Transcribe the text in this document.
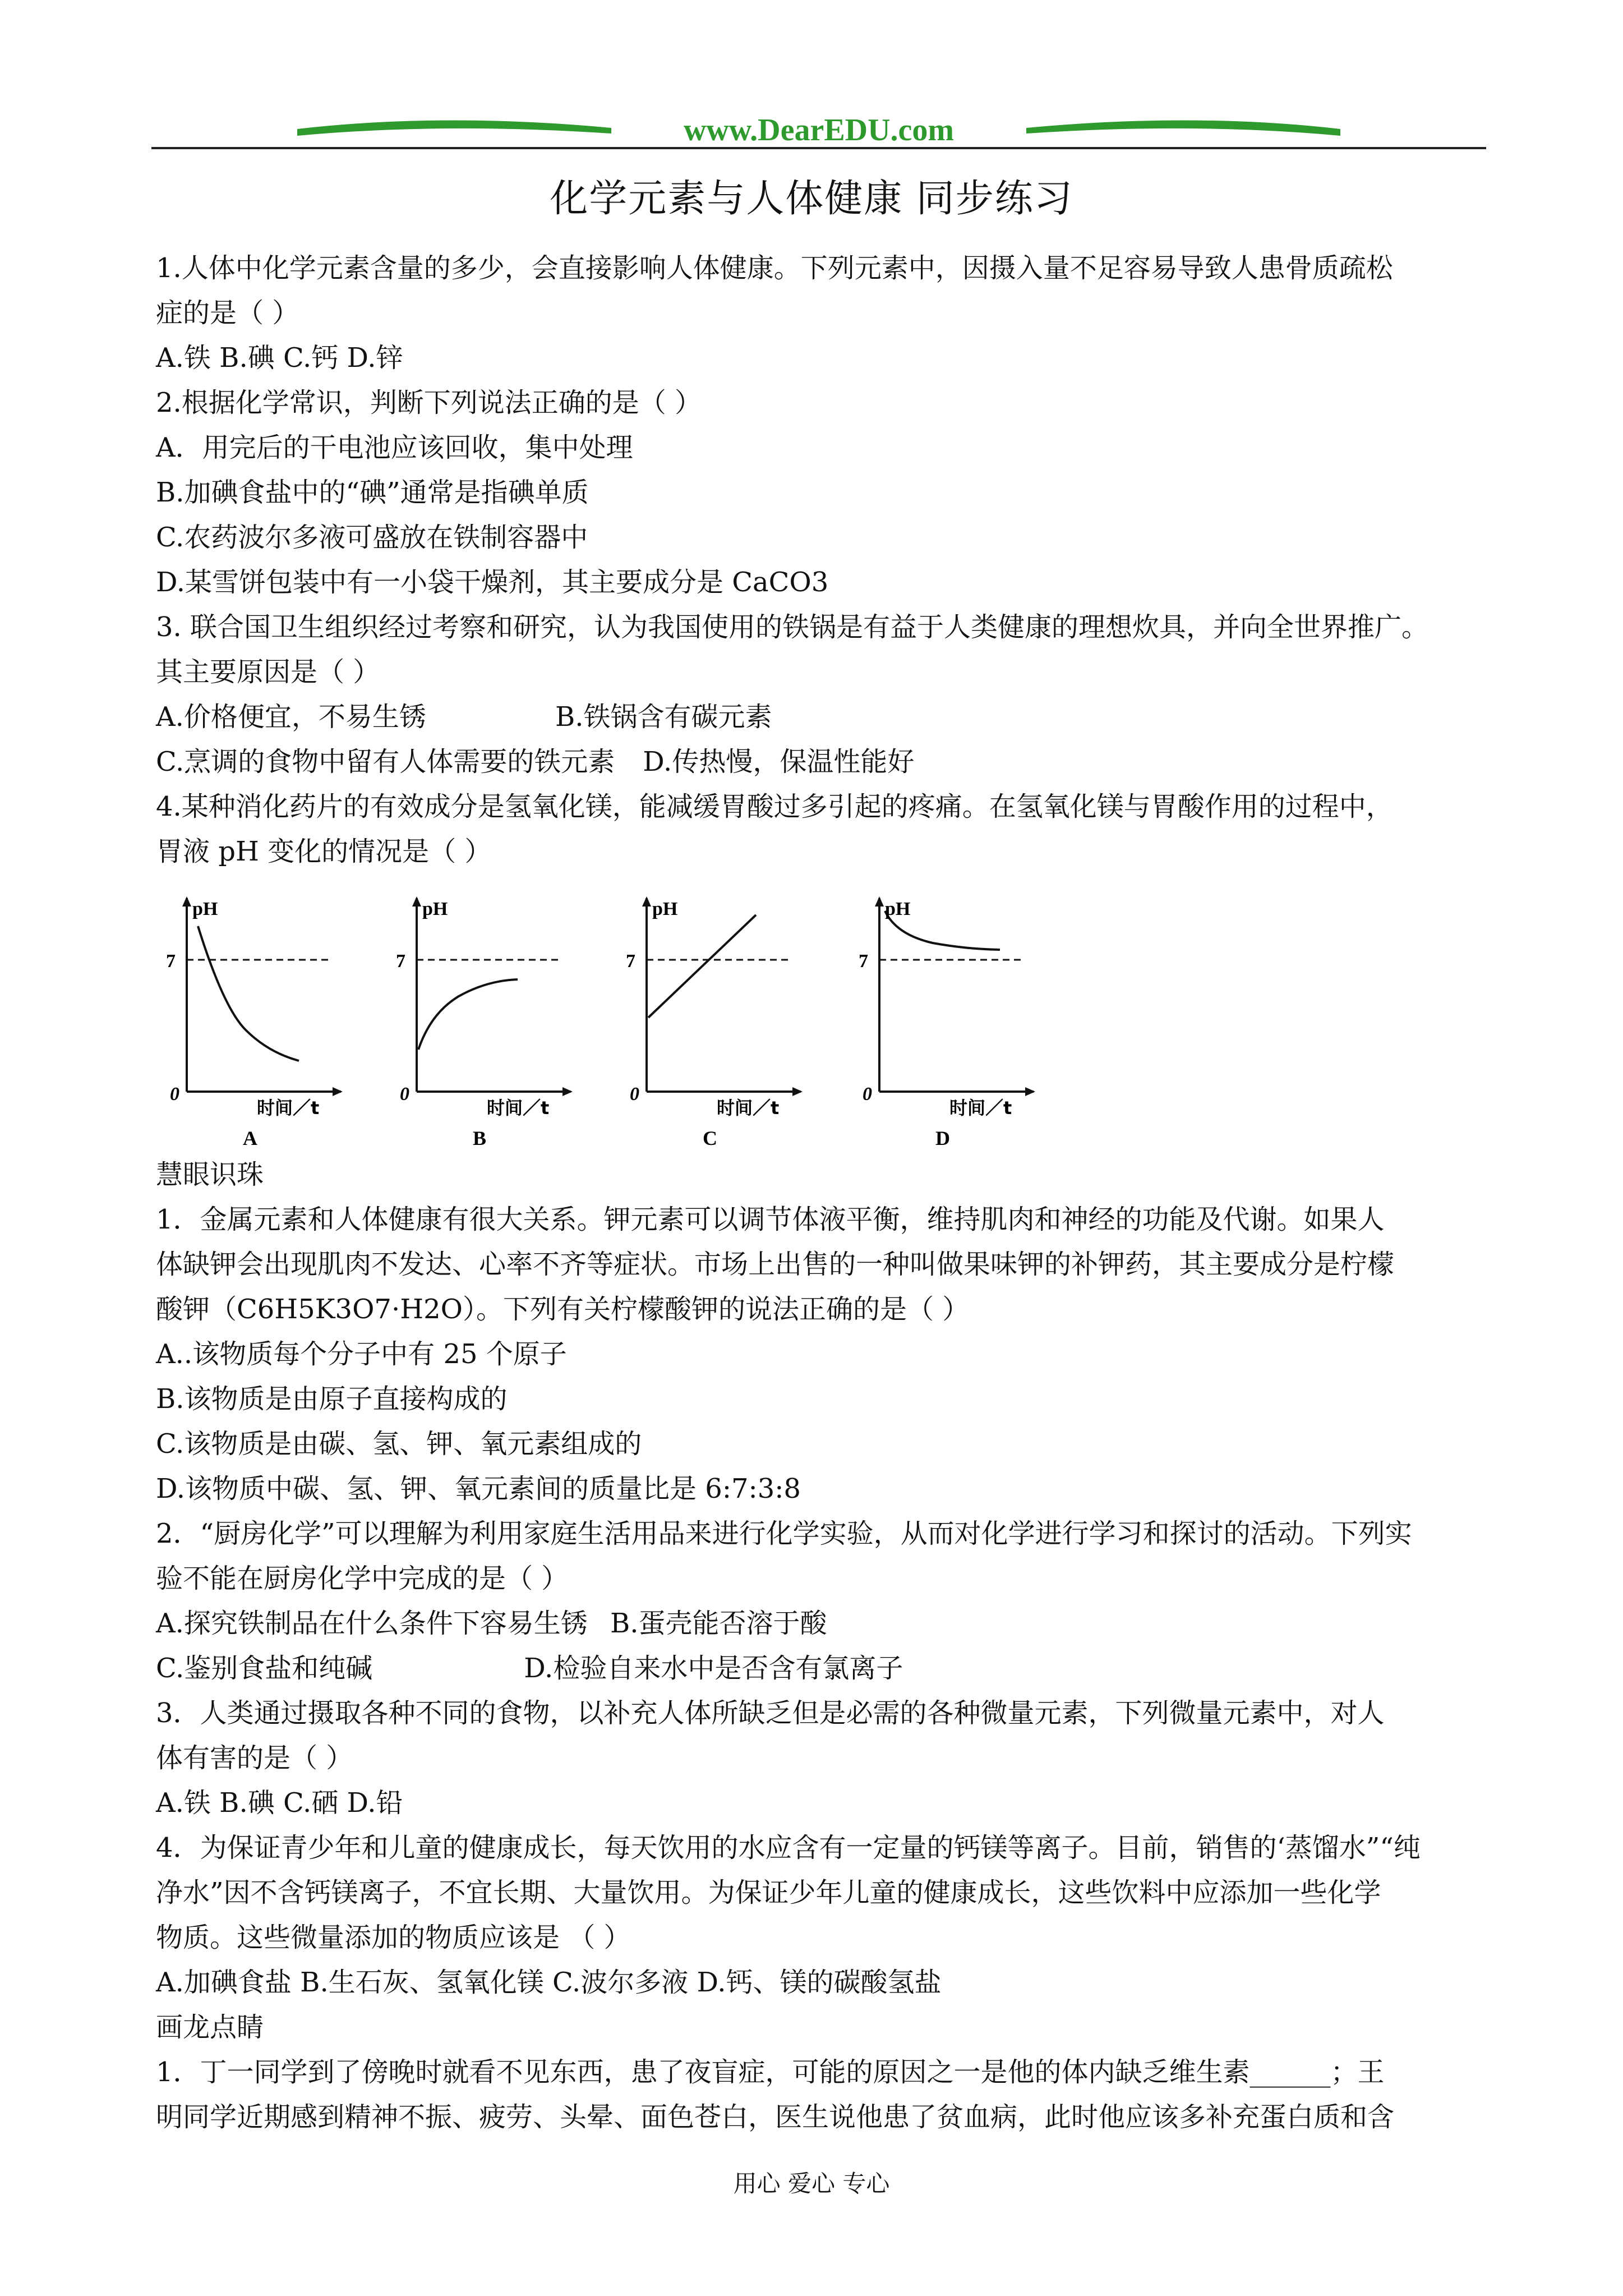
www.DearEDU.com
化学元素与人体健康 同步练习

1.人体中化学元素含量的多少，会直接影响人体健康。下列元素中，因摄入量不足容易导致人患骨质疏松

症的是（ ）

A.铁 B.碘 C.钙 D.锌

2.根据化学常识，判断下列说法正确的是（ ）

A．用完后的干电池应该回收，集中处理

B.加碘食盐中的“碘”通常是指碘单质

C.农药波尔多液可盛放在铁制容器中

D.某雪饼包装中有一小袋干燥剂，其主要成分是 CaCO3

3. 联合国卫生组织经过考察和研究，认为我国使用的铁锅是有益于人类健康的理想炊具，并向全世界推广。

其主要原因是（ ）

A.价格便宜，不易生锈	B.铁锅含有碳元素

C.烹调的食物中留有人体需要的铁元素 D.传热慢，保温性能好

4.某种消化药片的有效成分是氢氧化镁，能减缓胃酸过多引起的疼痛。在氢氧化镁与胃酸作用的过程中，

胃液 pH 变化的情况是（ ）

pH
7
0
时间／t
A
pH
7
0
时间／t
B
pH
7
0
时间／t
C
pH
7
0
时间／t
D

慧眼识珠

1．金属元素和人体健康有很大关系。钾元素可以调节体液平衡，维持肌肉和神经的功能及代谢。如果人

体缺钾会出现肌肉不发达、心率不齐等症状。市场上出售的一种叫做果味钾的补钾药，其主要成分是柠檬

酸钾（C6H5K3O7·H2O）。下列有关柠檬酸钾的说法正确的是（ ）

A..该物质每个分子中有 25 个原子

B.该物质是由原子直接构成的

C.该物质是由碳、氢、钾、氧元素组成的

D.该物质中碳、氢、钾、氧元素间的质量比是 6:7:3:8

2．“厨房化学”可以理解为利用家庭生活用品来进行化学实验，从而对化学进行学习和探讨的活动。下列实

验不能在厨房化学中完成的是（ ）

A.探究铁制品在什么条件下容易生锈 B.蛋壳能否溶于酸

C.鉴别食盐和纯碱	D.检验自来水中是否含有氯离子

3．人类通过摄取各种不同的食物，以补充人体所缺乏但是必需的各种微量元素，下列微量元素中，对人

体有害的是（ ）

A.铁 B.碘 C.硒 D.铅

4．为保证青少年和儿童的健康成长，每天饮用的水应含有一定量的钙镁等离子。目前，销售的‘蒸馏水”“纯

净水”因不含钙镁离子，不宜长期、大量饮用。为保证少年儿童的健康成长，这些饮料中应添加一些化学

物质。这些微量添加的物质应该是 （ ）

A.加碘食盐 B.生石灰、氢氧化镁 C.波尔多液 D.钙、镁的碳酸氢盐

画龙点睛

1．丁一同学到了傍晚时就看不见东西，患了夜盲症，可能的原因之一是他的体内缺乏维生素______；王

明同学近期感到精神不振、疲劳、头晕、面色苍白，医生说他患了贫血病，此时他应该多补充蛋白质和含

用心 爱心 专心
